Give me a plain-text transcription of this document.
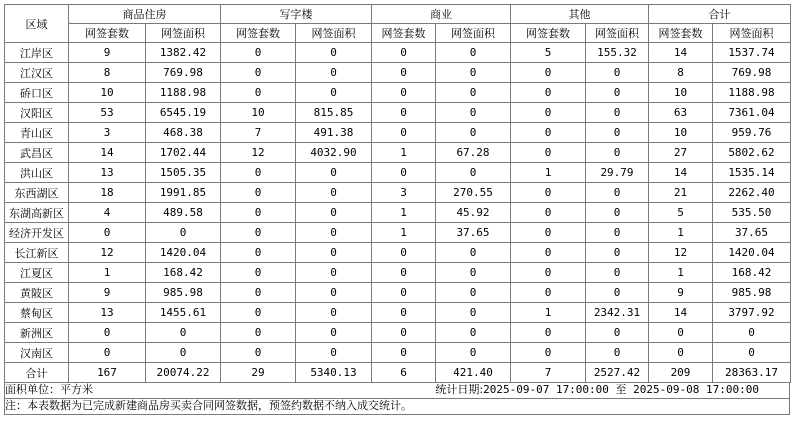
区域	商品住房		写字楼		商业		其他		合计	
	网签套数	网签面积	网签套数	网签面积	网签套数	网签面积	网签套数	网签面积	网签套数	网签面积
江岸区	9	1382.42	0	0	0	0	5	155.32	14	1537.74
江汉区	8	769.98	0	0	0	0	0	0	8	769.98
硚口区	10	1188.98	0	0	0	0	0	0	10	1188.98
汉阳区	53	6545.19	10	815.85	0	0	0	0	63	7361.04
青山区	3	468.38	7	491.38	0	0	0	0	10	959.76
武昌区	14	1702.44	12	4032.90	1	67.28	0	0	27	5802.62
洪山区	13	1505.35	0	0	0	0	1	29.79	14	1535.14
东西湖区	18	1991.85	0	0	3	270.55	0	0	21	2262.40
东湖高新区	4	489.58	0	0	1	45.92	0	0	5	535.50
经济开发区	0	0	0	0	1	37.65	0	0	1	37.65
长江新区	12	1420.04	0	0	0	0	0	0	12	1420.04
江夏区	1	168.42	0	0	0	0	0	0	1	168.42
黄陂区	9	985.98	0	0	0	0	0	0	9	985.98
蔡甸区	13	1455.61	0	0	0	0	1	2342.31	14	3797.92
新洲区	0	0	0	0	0	0	0	0	0	0
汉南区	0	0	0	0	0	0	0	0	0	0
合计	167	20074.22	29	5340.13	6	421.40	7	2527.42	209	28363.17
面积单位：平方米	统计日期:2025-09-07 17:00:00 至 2025-09-08 17:00:00
注：本表数据为已完成新建商品房买卖合同网签数据，预签约数据不纳入成交统计。
